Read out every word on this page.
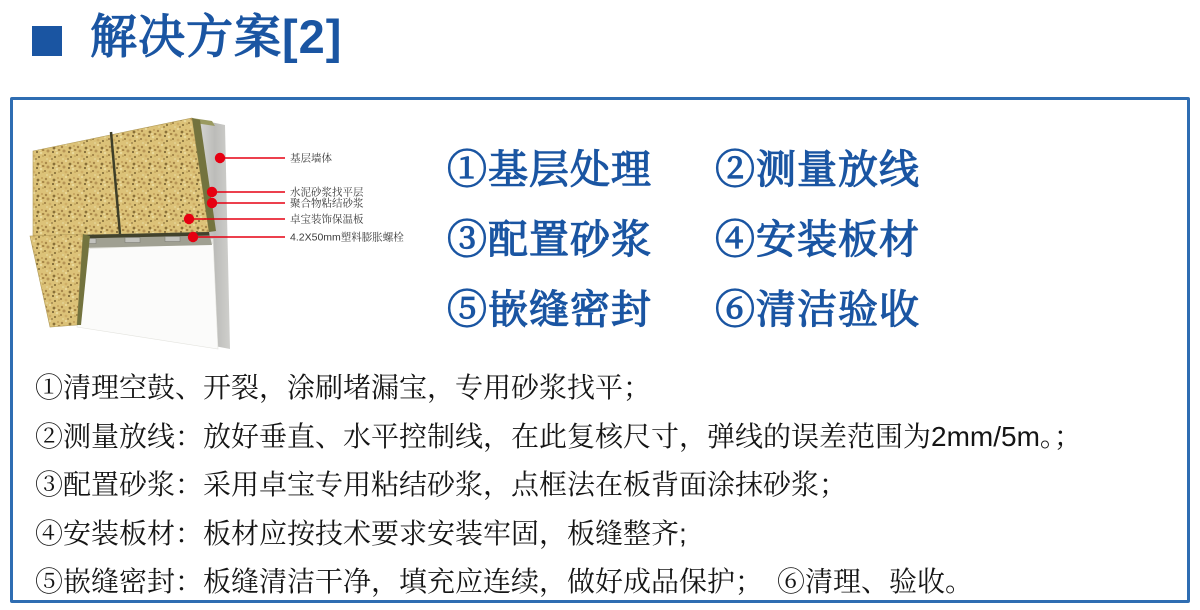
解决方案[2]
基层墙体
水泥砂浆找平层
聚合物粘结砂浆
卓宝装饰保温板
4.2X50mm塑料膨胀螺栓
①基层处理 ②测量放线
③配置砂浆 ④安装板材
⑤嵌缝密封 ⑥清洁验收
①清理空鼓、开裂，涂刷堵漏宝，专用砂浆找平；
②测量放线：放好垂直、水平控制线，在此复核尺寸，弹线的误差范围为2mm/5m。；
③配置砂浆：采用卓宝专用粘结砂浆，点框法在板背面涂抹砂浆；
④安装板材：板材应按技术要求安装牢固，板缝整齐;
⑤嵌缝密封：板缝清洁干净，填充应连续，做好成品保护；　⑥清理、验收。
